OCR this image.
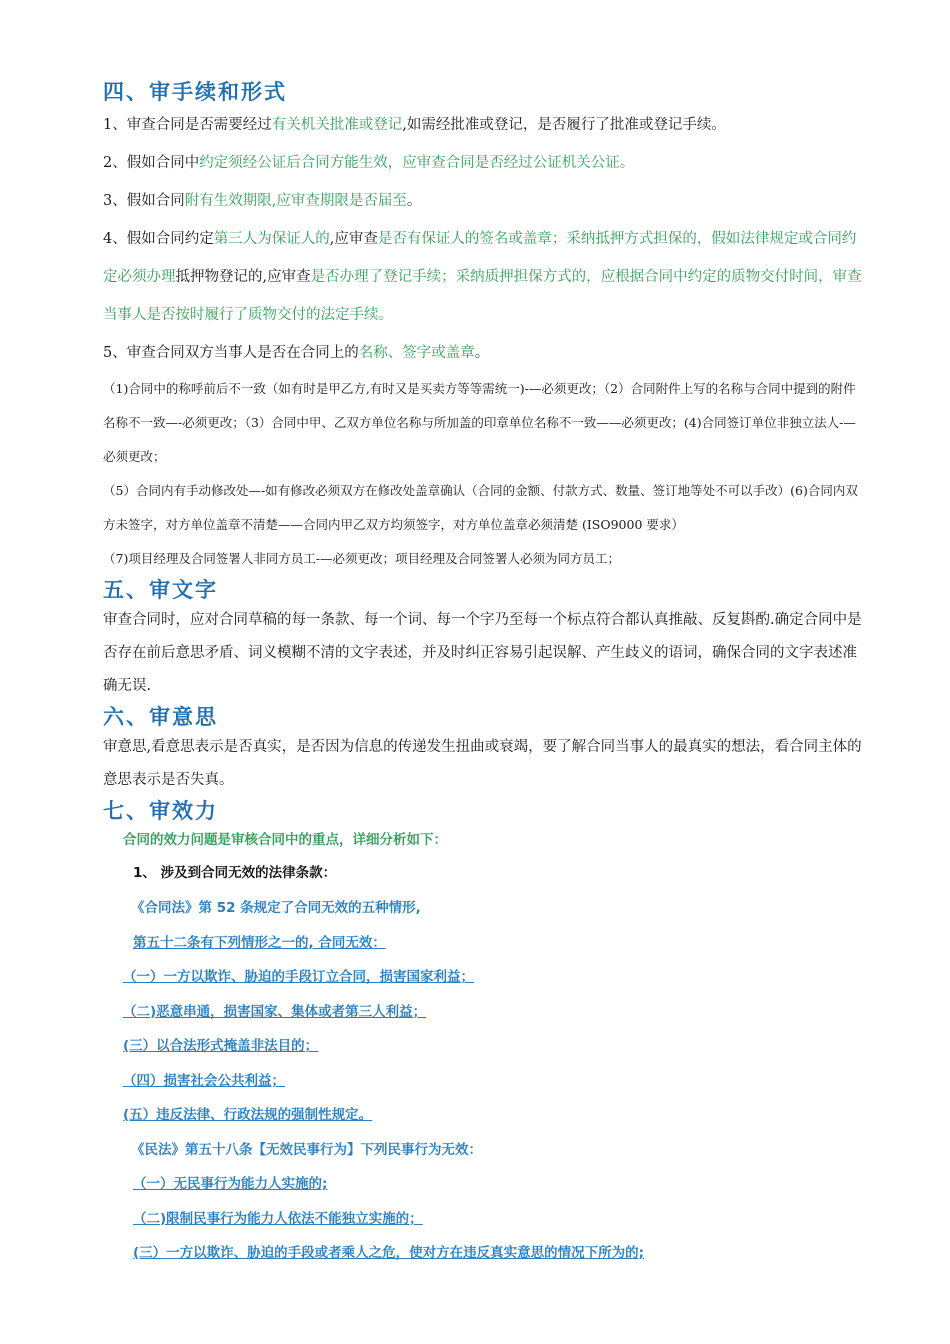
四、审手续和形式

1、审查合同是否需要经过有关机关批准或登记,如需经批准或登记，是否履行了批准或登记手续。

2、假如合同中约定须经公证后合同方能生效，应审查合同是否经过公证机关公证。

3、假如合同附有生效期限,应审查期限是否届至。

4、假如合同约定第三人为保证人的,应审查是否有保证人的签名或盖章；采纳抵押方式担保的，假如法律规定或合同约定必须办理抵押物登记的,应审查是否办理了登记手续；采纳质押担保方式的，应根据合同中约定的质物交付时间，审查当事人是否按时履行了质物交付的法定手续。

5、审查合同双方当事人是否在合同上的名称、签字或盖章。

（1)合同中的称呼前后不一致（如有时是甲乙方,有时又是买卖方等等需统一)-—必须更改；（2）合同附件上写的名称与合同中提到的附件名称不一致—-必须更改；（3）合同中甲、乙双方单位名称与所加盖的印章单位名称不一致——必须更改；(4)合同签订单位非独立法人-—必须更改；

（5）合同内有手动修改处—-如有修改必须双方在修改处盖章确认（合同的金额、付款方式、数量、签订地等处不可以手改）(6)合同内双方未签字，对方单位盖章不清楚——合同内甲乙双方均须签字，对方单位盖章必须清楚 (ISO9000 要求）

（7)项目经理及合同签署人非同方员工-—必须更改；项目经理及合同签署人必须为同方员工；

五、审文字

审查合同时，应对合同草稿的每一条款、每一个词、每一个字乃至每一个标点符合都认真推敲、反复斟酌.确定合同中是否存在前后意思矛盾、词义模糊不清的文字表述，并及时纠正容易引起误解、产生歧义的语词，确保合同的文字表述准确无误.

六、审意思

审意思,看意思表示是否真实，是否因为信息的传递发生扭曲或衰竭，要了解合同当事人的最真实的想法，看合同主体的意思表示是否失真。

七、审效力

合同的效力问题是审核合同中的重点，详细分析如下：

1、 涉及到合同无效的法律条款：

《合同法》第 52 条规定了合同无效的五种情形,

第五十二条有下列情形之一的, 合同无效：

（一）一方以欺诈、胁迫的手段订立合同，损害国家利益；

（二)恶意串通，损害国家、集体或者第三人利益；

(三）以合法形式掩盖非法目的；

（四）损害社会公共利益；

(五）违反法律、行政法规的强制性规定。

《民法》第五十八条【无效民事行为】下列民事行为无效：

（一）无民事行为能力人实施的;

（二)限制民事行为能力人依法不能独立实施的；

(三）一方以欺诈、胁迫的手段或者乘人之危，使对方在违反真实意思的情况下所为的;
